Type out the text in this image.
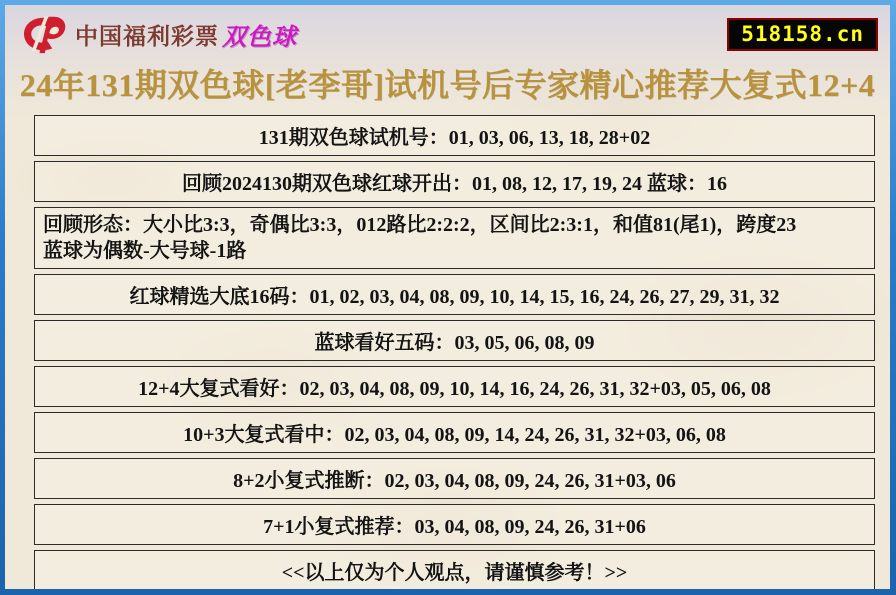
中国福利彩票 双色球	518158.cn
24年131期双色球[老李哥]试机号后专家精心推荐大复式12+4
131期双色球试机号：01, 03, 06, 13, 18, 28+02
回顾2024130期双色球红球开出：01, 08, 12, 17, 19, 24 蓝球：16
回顾形态：大小比3:3，奇偶比3:3，012路比2:2:2，区间比2:3:1，和值81(尾1)，跨度23
蓝球为偶数-大号球-1路
红球精选大底16码：01, 02, 03, 04, 08, 09, 10, 14, 15, 16, 24, 26, 27, 29, 31, 32
蓝球看好五码：03, 05, 06, 08, 09
12+4大复式看好：02, 03, 04, 08, 09, 10, 14, 16, 24, 26, 31, 32+03, 05, 06, 08
10+3大复式看中：02, 03, 04, 08, 09, 14, 24, 26, 31, 32+03, 06, 08
8+2小复式推断：02, 03, 04, 08, 09, 24, 26, 31+03, 06
7+1小复式推荐：03, 04, 08, 09, 24, 26, 31+06
<<以上仅为个人观点，请谨慎参考！>>
